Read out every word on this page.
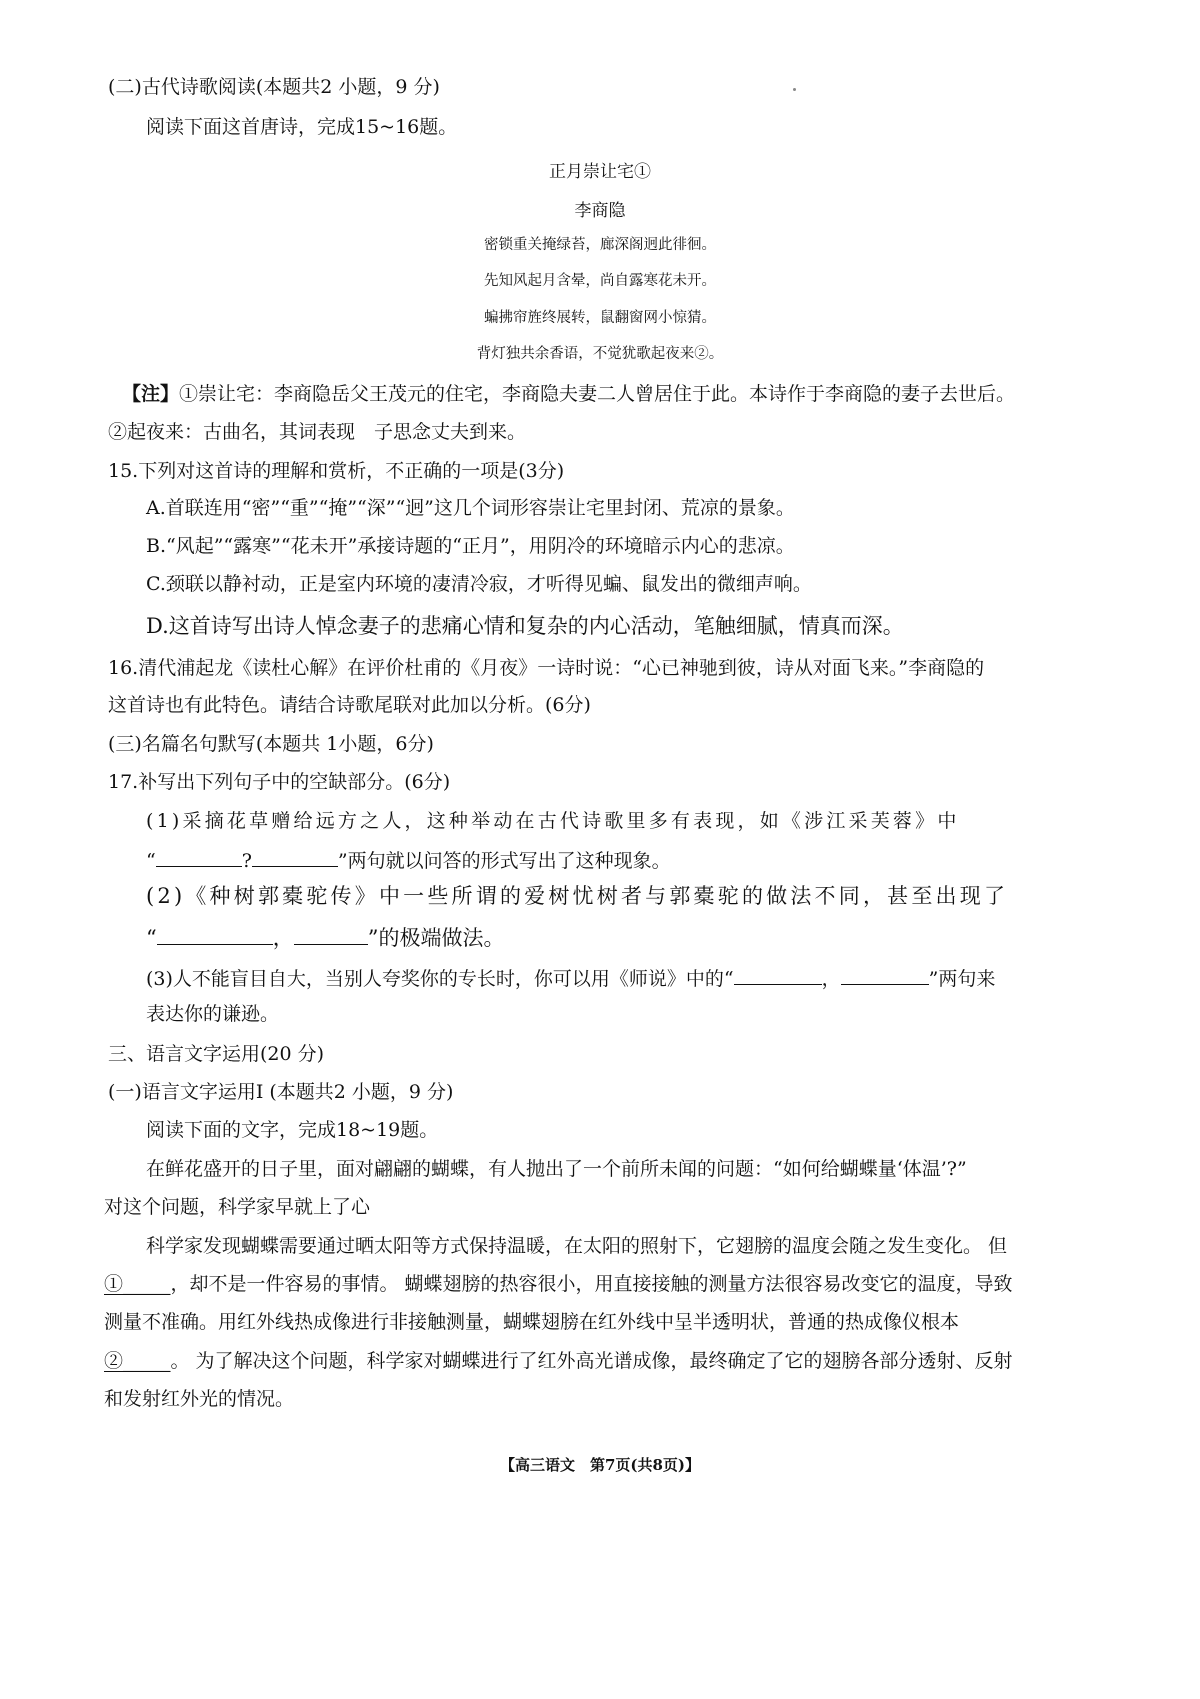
(二)古代诗歌阅读(本题共2 小题，9 分)
阅读下面这首唐诗，完成15~16题。
正月崇让宅①
李商隐
密锁重关掩绿苔，廊深阁迥此徘徊。
先知风起月含晕，尚自露寒花未开。
蝙拂帘旌终展转，鼠翻窗网小惊猜。
背灯独共余香语，不觉犹歌起夜来②。
【注】①崇让宅：李商隐岳父王茂元的住宅，李商隐夫妻二人曾居住于此。本诗作于李商隐的妻子去世后。
②起夜来：古曲名，其词表现　子思念丈夫到来。
15.下列对这首诗的理解和赏析，不正确的一项是(3分)
A.首联连用“密”“重”“掩”“深”“迥”这几个词形容崇让宅里封闭、荒凉的景象。
B.“风起”“露寒”“花未开”承接诗题的“正月”，用阴冷的环境暗示内心的悲凉。
C.颈联以静衬动，正是室内环境的凄清冷寂，才听得见蝙、鼠发出的微细声响。
D.这首诗写出诗人悼念妻子的悲痛心情和复杂的内心活动，笔触细腻，情真而深。
16.清代浦起龙《读杜心解》在评价杜甫的《月夜》一诗时说：“心已神驰到彼，诗从对面飞来。”李商隐的
这首诗也有此特色。请结合诗歌尾联对此加以分析。(6分)
(三)名篇名句默写(本题共 1小题，6分)
17.补写出下列句子中的空缺部分。(6分)
(1)采摘花草赠给远方之人，这种举动在古代诗歌里多有表现，如《涉江采芙蓉》中
“	?	”两句就以问答的形式写出了这种现象。
(2)《种树郭橐驼传》中一些所谓的爱树忧树者与郭橐驼的做法不同，甚至出现了
“	，	”的极端做法。
(3)人不能盲目自大，当别人夸奖你的专长时，你可以用《师说》中的“	，	”两句来
表达你的谦逊。
三、语言文字运用(20 分)
(一)语言文字运用Ⅰ (本题共2 小题，9 分)
阅读下面的文字，完成18~19题。
在鲜花盛开的日子里，面对翩翩的蝴蝶，有人抛出了一个前所未闻的问题：“如何给蝴蝶量‘体温’?”
对这个问题，科学家早就上了心
科学家发现蝴蝶需要通过晒太阳等方式保持温暖，在太阳的照射下，它翅膀的温度会随之发生变化。 但
①_____，却不是一件容易的事情。 蝴蝶翅膀的热容很小，用直接接触的测量方法很容易改变它的温度，导致
测量不准确。用红外线热成像进行非接触测量，蝴蝶翅膀在红外线中呈半透明状，普通的热成像仪根本
②_____。 为了解决这个问题，科学家对蝴蝶进行了红外高光谱成像，最终确定了它的翅膀各部分透射、反射
和发射红外光的情况。
【高三语文　第7页(共8页)】
